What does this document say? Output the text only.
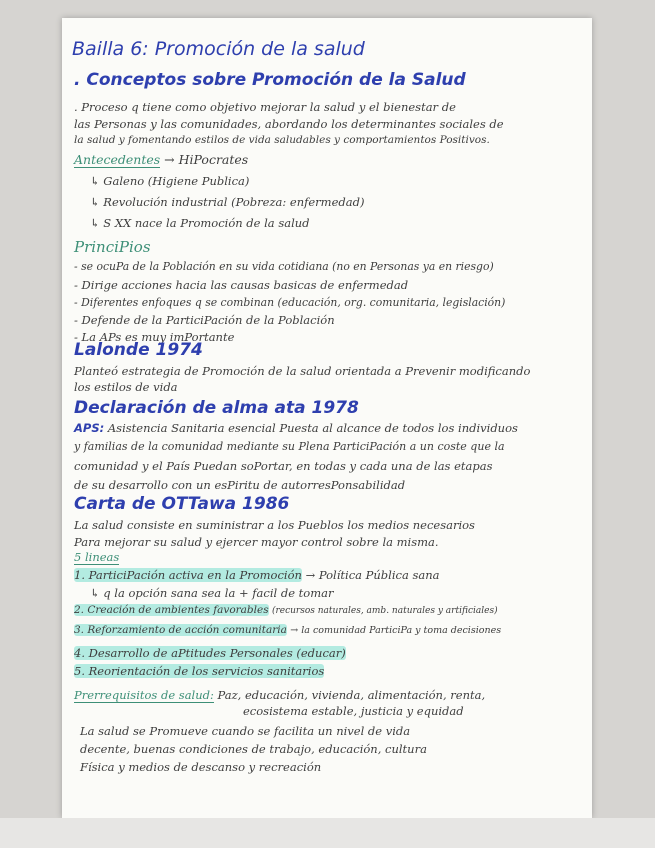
Bailla 6: Promoción de la salud
. Conceptos sobre Promoción de la Salud
. Proceso q tiene como objetivo mejorar la salud y el bienestar de
las Personas y las comunidades, abordando los determinantes sociales de
la salud y fomentando estilos de vida saludables y comportamientos Positivos.
Antecedentes → HiPocrates
↳ Galeno (Higiene Publica)
↳ Revolución industrial (Pobreza: enfermedad)
↳ S XX nace la Promoción de la salud
PrinciPios
- se ocuPa de la Población en su vida cotidiana (no en Personas ya en riesgo)
- Dirige acciones hacia las causas basicas de enfermedad
- Diferentes enfoques q se combinan (educación, org. comunitaria, legislación)
- Defende de la ParticiPación de la Población
- La APs es muy imPortante
Lalonde 1974
Planteó estrategia de Promoción de la salud orientada a Prevenir modificando
los estilos de vida
Declaración de alma ata 1978
APS: Asistencia Sanitaria esencial Puesta al alcance de todos los individuos
y familias de la comunidad mediante su Plena ParticiPación a un coste que la
comunidad y el País Puedan soPortar, en todas y cada una de las etapas
de su desarrollo con un esPiritu de autorresPonsabilidad
Carta de OTTawa 1986
La salud consiste en suministrar a los Pueblos los medios necesarios
Para mejorar su salud y ejercer mayor control sobre la misma.
5 lineas
1. ParticiPación activa en la Promoción → Política Pública sana
↳ q la opción sana sea la + facil de tomar
2. Creación de ambientes favorables (recursos naturales, amb. naturales y artificiales)
3. Reforzamiento de acción comunitaria → la comunidad ParticiPa y toma decisiones
4. Desarrollo de aPtitudes Personales (educar)
5. Reorientación de los servicios sanitarios
Prerrequisitos de salud: Paz, educación, vivienda, alimentación, renta,
ecosistema estable, justicia y equidad
La salud se Promueve cuando se facilita un nivel de vida
decente, buenas condiciones de trabajo, educación, cultura
Física y medios de descanso y recreación
